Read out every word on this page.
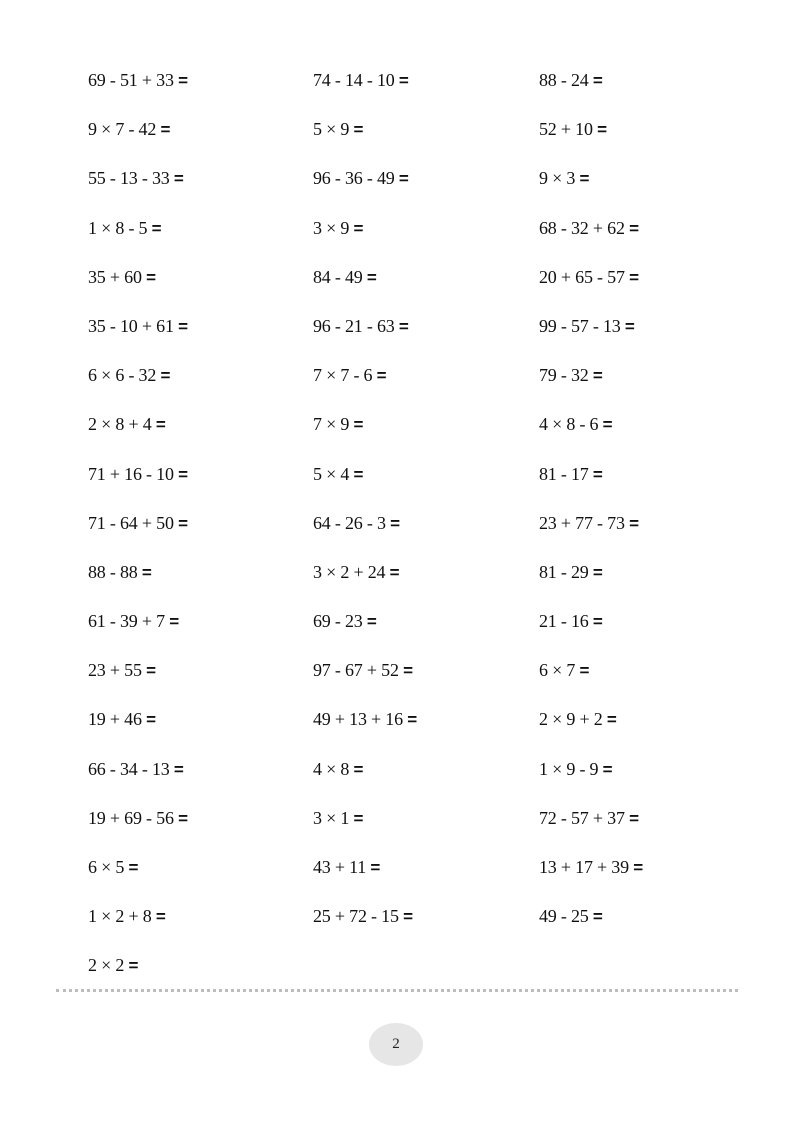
69 - 51 + 33 =	74 - 14 - 10 =	88 - 24 =
9 × 7 - 42 =	5 × 9 =	52 + 10 =
55 - 13 - 33 =	96 - 36 - 49 =	9 × 3 =
1 × 8 - 5 =	3 × 9 =	68 - 32 + 62 =
35 + 60 =	84 - 49 =	20 + 65 - 57 =
35 - 10 + 61 =	96 - 21 - 63 =	99 - 57 - 13 =
6 × 6 - 32 =	7 × 7 - 6 =	79 - 32 =
2 × 8 + 4 =	7 × 9 =	4 × 8 - 6 =
71 + 16 - 10 =	5 × 4 =	81 - 17 =
71 - 64 + 50 =	64 - 26 - 3 =	23 + 77 - 73 =
88 - 88 =	3 × 2 + 24 =	81 - 29 =
61 - 39 + 7 =	69 - 23 =	21 - 16 =
23 + 55 =	97 - 67 + 52 =	6 × 7 =
19 + 46 =	49 + 13 + 16 =	2 × 9 + 2 =
66 - 34 - 13 =	4 × 8 =	1 × 9 - 9 =
19 + 69 - 56 =	3 × 1 =	72 - 57 + 37 =
6 × 5 =	43 + 11 =	13 + 17 + 39 =
1 × 2 + 8 =	25 + 72 - 15 =	49 - 25 =
2 × 2 =
2
